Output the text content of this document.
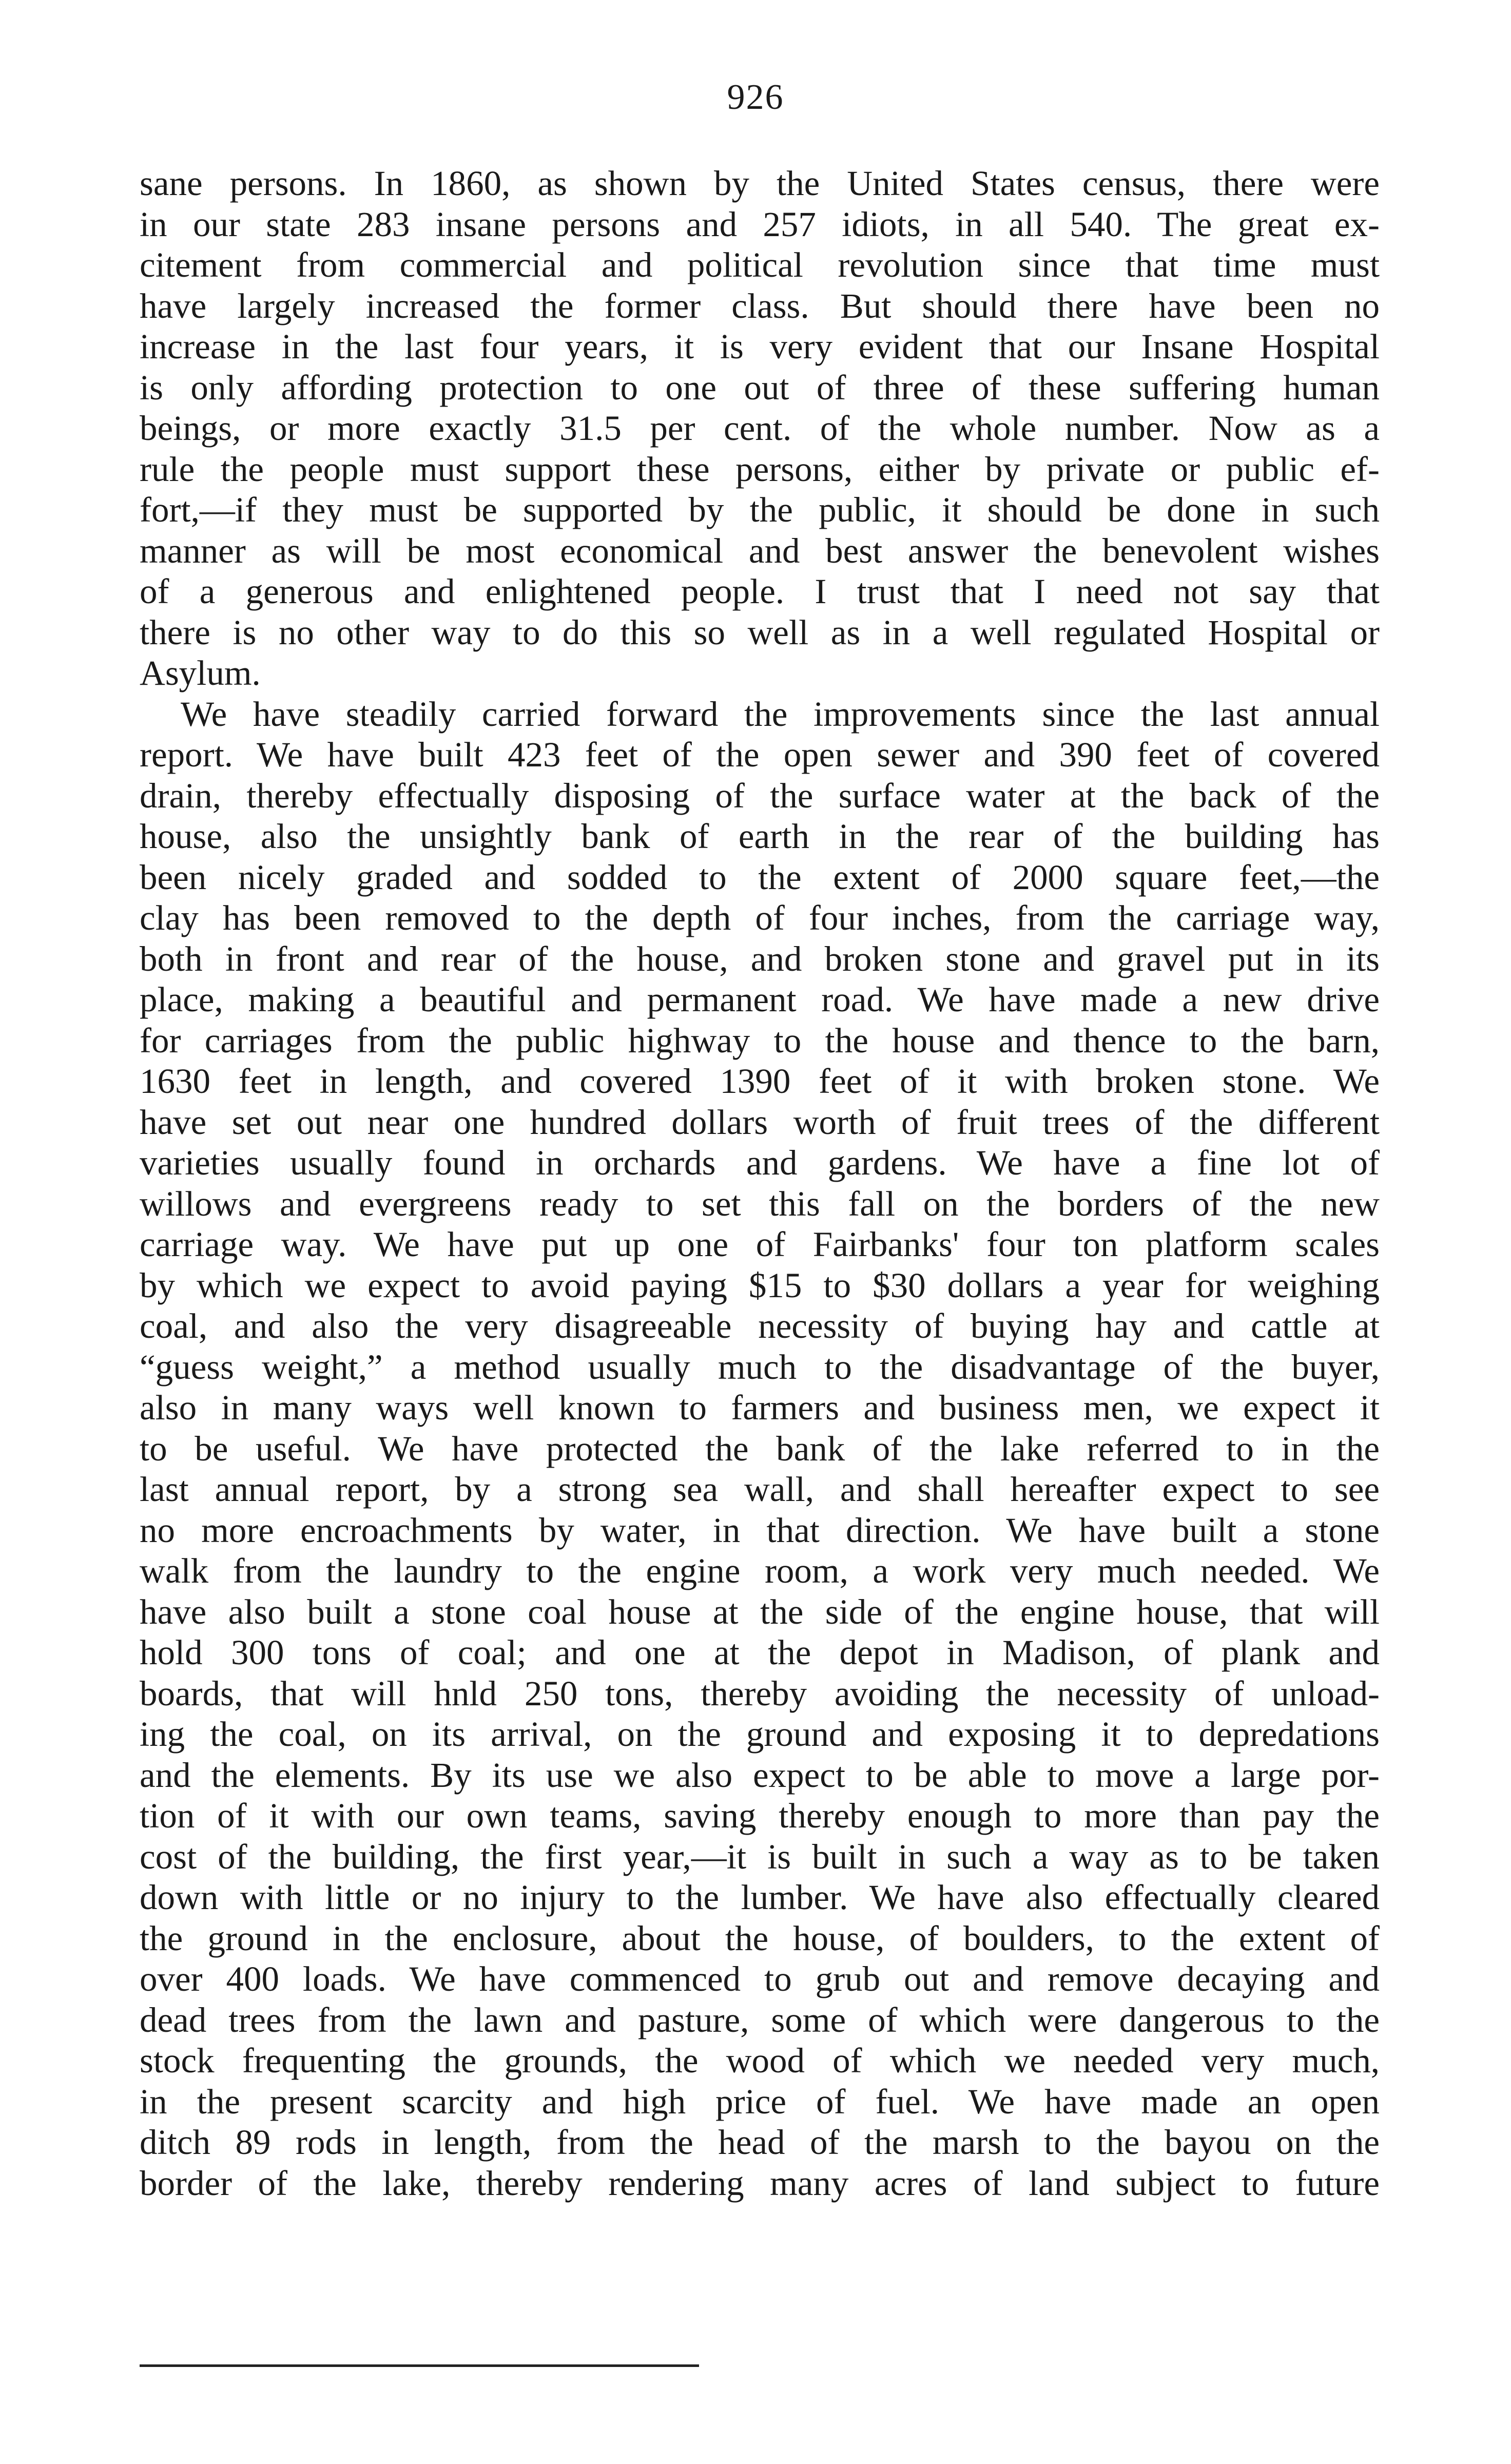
926
sane persons. In 1860, as shown by the United States census, there were
in our state 283 insane persons and 257 idiots, in all 540. The great ex-
citement from commercial and political revolution since that time must
have largely increased the former class. But should there have been no
increase in the last four years, it is very evident that our Insane Hospital
is only affording protection to one out of three of these suffering human
beings, or more exactly 31.5 per cent. of the whole number. Now as a
rule the people must support these persons, either by private or public ef-
fort,—if they must be supported by the public, it should be done in such
manner as will be most economical and best answer the benevolent wishes
of a generous and enlightened people. I trust that I need not say that
there is no other way to do this so well as in a well regulated Hospital or
Asylum.
We have steadily carried forward the improvements since the last annual
report. We have built 423 feet of the open sewer and 390 feet of covered
drain, thereby effectually disposing of the surface water at the back of the
house, also the unsightly bank of earth in the rear of the building has
been nicely graded and sodded to the extent of 2000 square feet,—the
clay has been removed to the depth of four inches, from the carriage way,
both in front and rear of the house, and broken stone and gravel put in its
place, making a beautiful and permanent road. We have made a new drive
for carriages from the public highway to the house and thence to the barn,
1630 feet in length, and covered 1390 feet of it with broken stone. We
have set out near one hundred dollars worth of fruit trees of the different
varieties usually found in orchards and gardens. We have a fine lot of
willows and evergreens ready to set this fall on the borders of the new
carriage way. We have put up one of Fairbanks' four ton platform scales
by which we expect to avoid paying $15 to $30 dollars a year for weighing
coal, and also the very disagreeable necessity of buying hay and cattle at
“guess weight,” a method usually much to the disadvantage of the buyer,
also in many ways well known to farmers and business men, we expect it
to be useful. We have protected the bank of the lake referred to in the
last annual report, by a strong sea wall, and shall hereafter expect to see
no more encroachments by water, in that direction. We have built a stone
walk from the laundry to the engine room, a work very much needed. We
have also built a stone coal house at the side of the engine house, that will
hold 300 tons of coal; and one at the depot in Madison, of plank and
boards, that will hnld 250 tons, thereby avoiding the necessity of unload-
ing the coal, on its arrival, on the ground and exposing it to depredations
and the elements. By its use we also expect to be able to move a large por-
tion of it with our own teams, saving thereby enough to more than pay the
cost of the building, the first year,—it is built in such a way as to be taken
down with little or no injury to the lumber. We have also effectually cleared
the ground in the enclosure, about the house, of boulders, to the extent of
over 400 loads. We have commenced to grub out and remove decaying and
dead trees from the lawn and pasture, some of which were dangerous to the
stock frequenting the grounds, the wood of which we needed very much,
in the present scarcity and high price of fuel. We have made an open
ditch 89 rods in length, from the head of the marsh to the bayou on the
border of the lake, thereby rendering many acres of land subject to future
